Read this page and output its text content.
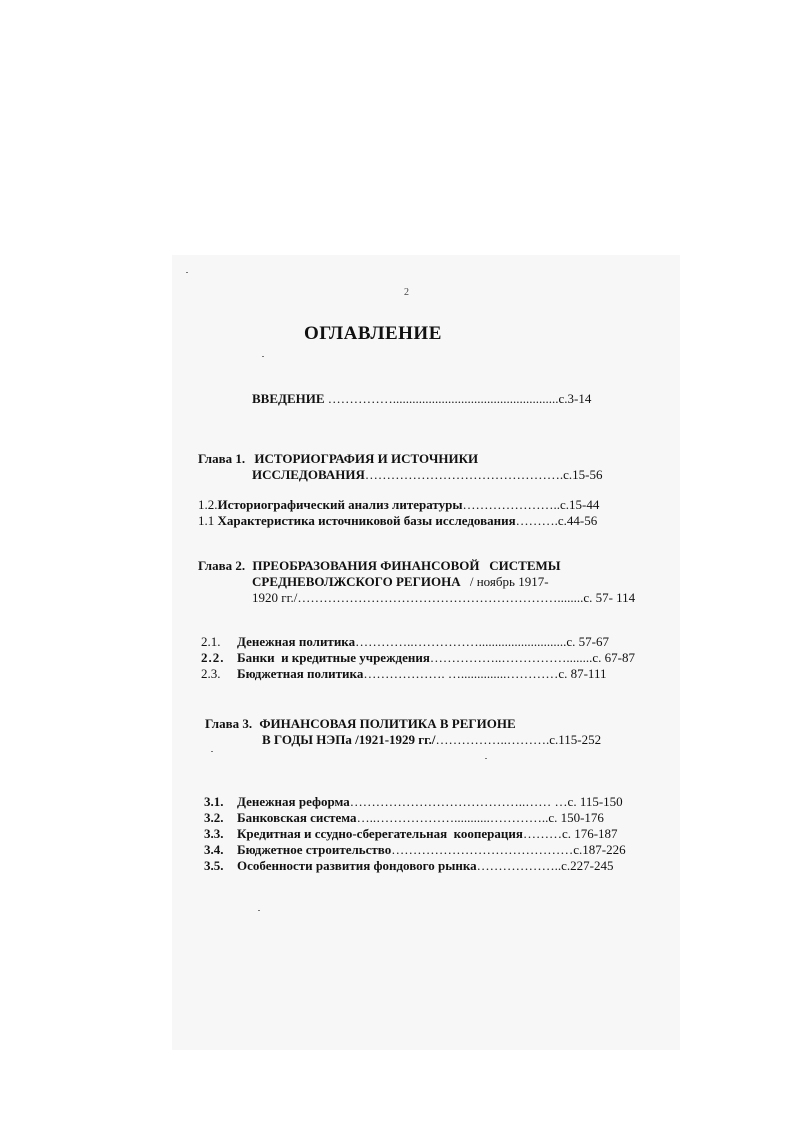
2
ОГЛАВЛЕНИЕ
ВВЕДЕНИЕ ……………...................................................с.3-14
Глава 1. ИСТОРИОГРАФИЯ И ИСТОЧНИКИ
ИССЛЕДОВАНИЯ……………………………………….с.15-56
1.2.Историографический анализ литературы…………………..с.15-44
1.1 Характеристика источниковой базы исследования……….с.44-56
Глава 2. ПРЕОБРАЗОВАНИЯ ФИНАНСОВОЙ   СИСТЕМЫ
СРЕДНЕВОЛЖСКОГО РЕГИОНА / ноябрь 1917-
1920 гг./……………………………………………………........с. 57- 114
2.1. Денежная политика…………..……………...........................с. 57-67
2.2. Банки  и кредитные учреждения……………..……………........с. 67-87
2.3. Бюджетная политика………………. …..............…………с. 87-111
Глава 3. ФИНАНСОВАЯ ПОЛИТИКА В РЕГИОНЕ
В ГОДЫ НЭПа /1921-1929 гг./……………..……….с.115-252
3.1. Денежная реформа…………………………………..…… …с. 115-150
3.2. Банковская система…..………………...........…………..с. 150-176
3.3. Кредитная и ссудно-сберегательная  кооперация………с. 176-187
3.4. Бюджетное строительство……………………………………с.187-226
3.5. Особенности развития фондового рынка………………..с.227-245
